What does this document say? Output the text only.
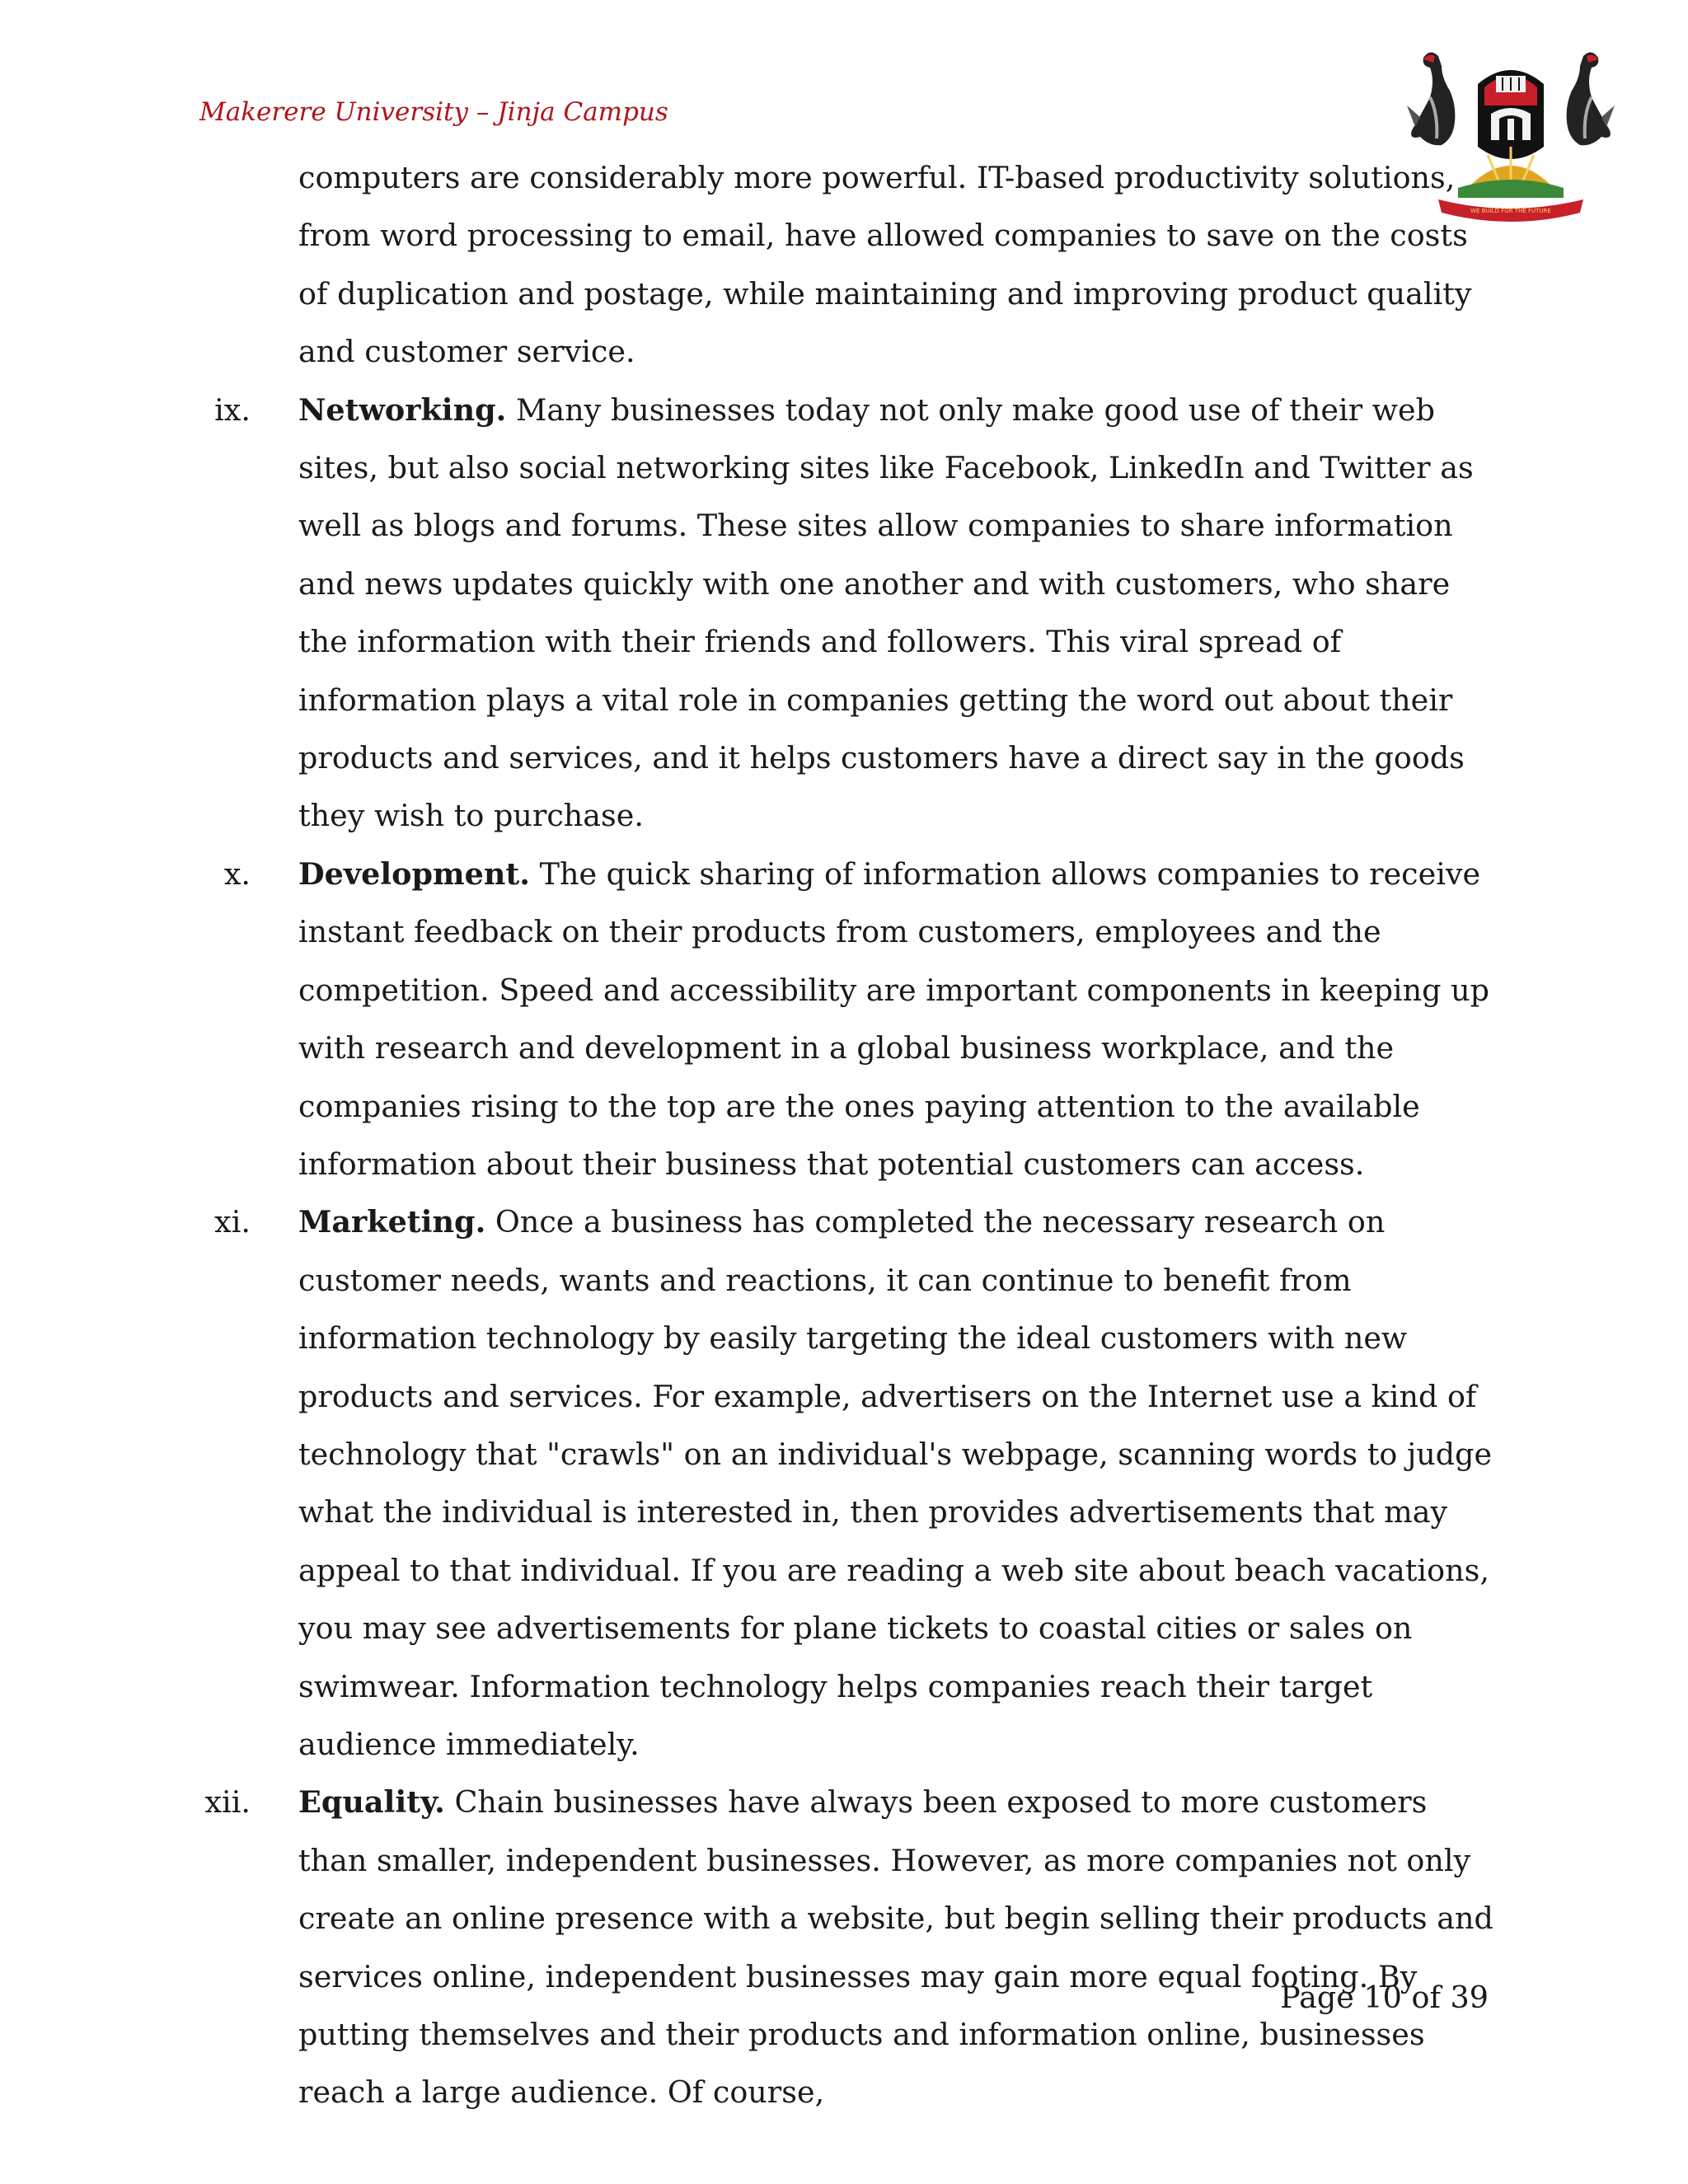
Makerere University – Jinja Campus
WE BUILD FOR THE FUTURE
computers are considerably more powerful. IT-based productivity solutions, from word processing to email, have allowed companies to save on the costs of duplication and postage, while maintaining and improving product quality and customer service.
ix. Networking. Many businesses today not only make good use of their web sites, but also social networking sites like Facebook, LinkedIn and Twitter as well as blogs and forums. These sites allow companies to share information and news updates quickly with one another and with customers, who share the information with their friends and followers. This viral spread of information plays a vital role in companies getting the word out about their products and services, and it helps customers have a direct say in the goods they wish to purchase.
x. Development. The quick sharing of information allows companies to receive instant feedback on their products from customers, employees and the competition. Speed and accessibility are important components in keeping up with research and development in a global business workplace, and the companies rising to the top are the ones paying attention to the available information about their business that potential customers can access.
xi. Marketing. Once a business has completed the necessary research on customer needs, wants and reactions, it can continue to benefit from information technology by easily targeting the ideal customers with new products and services. For example, advertisers on the Internet use a kind of technology that "crawls" on an individual's webpage, scanning words to judge what the individual is interested in, then provides advertisements that may appeal to that individual. If you are reading a web site about beach vacations, you may see advertisements for plane tickets to coastal cities or sales on swimwear. Information technology helps companies reach their target audience immediately.
xii. Equality. Chain businesses have always been exposed to more customers than smaller, independent businesses. However, as more companies not only create an online presence with a website, but begin selling their products and services online, independent businesses may gain more equal footing. By putting themselves and their products and information online, businesses reach a large audience. Of course,
Page 10 of 39
